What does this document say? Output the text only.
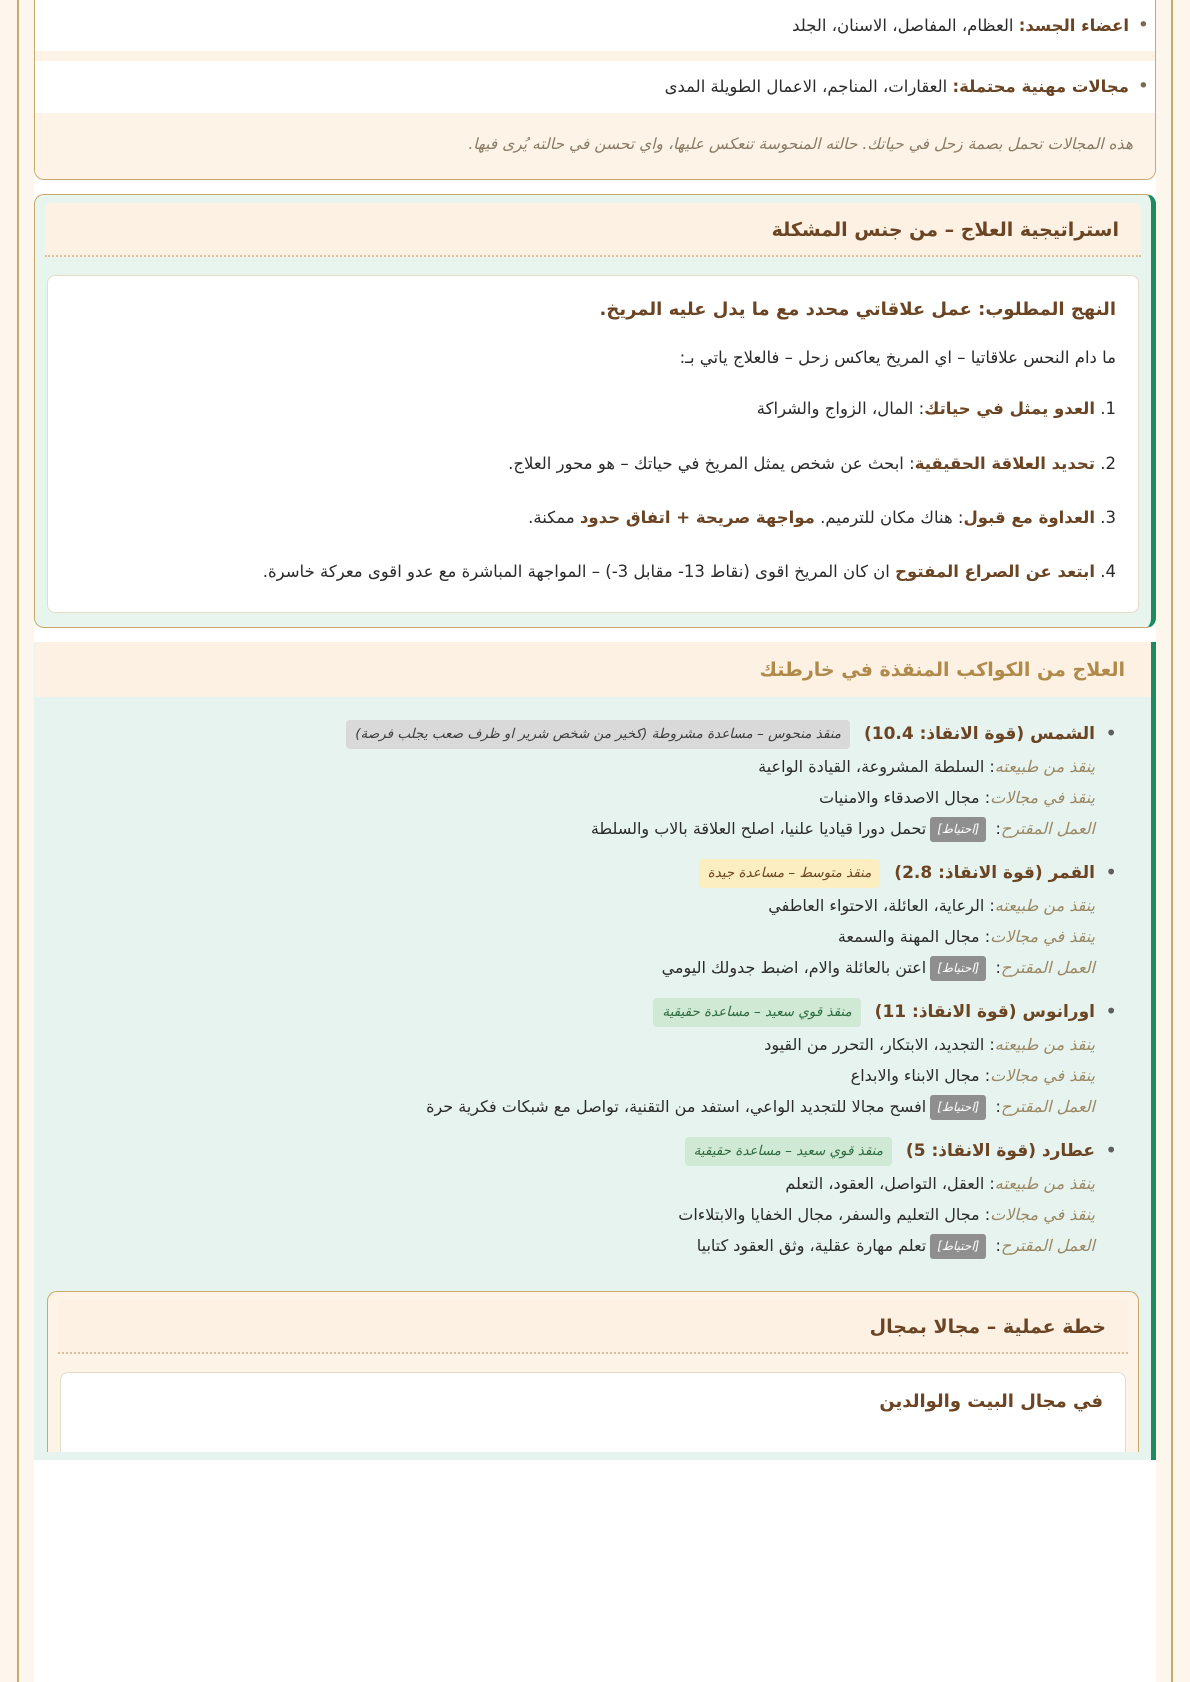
• اعضاء الجسد: العظام، المفاصل، الاسنان، الجلد
• مجالات مهنية محتملة: العقارات، المناجم، الاعمال الطويلة المدى
هذه المجالات تحمل بصمة زحل في حياتك. حالته المنحوسة تنعكس عليها، واي تحسن في حالته يُرى فيها.
استراتيجية العلاج – من جنس المشكلة

النهج المطلوب: عمل علاقاتي محدد مع ما يدل عليه المريخ.

ما دام النحس علاقاتيا – اي المريخ يعاكس زحل – فالعلاج ياتي بـ:

العدو يمثل في حياتك: المال، الزواج والشراكة
تحديد العلاقة الحقيقية: ابحث عن شخص يمثل المريخ في حياتك – هو محور العلاج.
العداوة مع قبول: هناك مكان للترميم. مواجهة صريحة + اتفاق حدود ممكنة.
ابتعد عن الصراع المفتوح ان كان المريخ اقوى (نقاط ‎-13‎ مقابل ‎-3‎) – المواجهة المباشرة مع عدو اقوى معركة خاسرة.
العلاج من الكواكب المنقذة في خارطتك
• الشمس (قوة الانقاذ: 10.4) منقذ منحوس – مساعدة مشروطة (كخير من شخص شرير او ظرف صعب يجلب فرصة)
ينقذ من طبيعته: السلطة المشروعة، القيادة الواعية
ينقذ في مجالات: مجال الاصدقاء والامنيات
العمل المقترح: [احتياط]تحمل دورا قياديا علنيا، اصلح العلاقة بالاب والسلطة
• القمر (قوة الانقاذ: 2.8) منقذ متوسط – مساعدة جيدة
ينقذ من طبيعته: الرعاية، العائلة، الاحتواء العاطفي
ينقذ في مجالات: مجال المهنة والسمعة
العمل المقترح: [احتياط]اعتن بالعائلة والام، اضبط جدولك اليومي
• اورانوس (قوة الانقاذ: 11) منقذ قوي سعيد – مساعدة حقيقية
ينقذ من طبيعته: التجديد، الابتكار، التحرر من القيود
ينقذ في مجالات: مجال الابناء والابداع
العمل المقترح: [احتياط]افسح مجالا للتجديد الواعي، استفد من التقنية، تواصل مع شبكات فكرية حرة
• عطارد (قوة الانقاذ: 5) منقذ قوي سعيد – مساعدة حقيقية
ينقذ من طبيعته: العقل، التواصل، العقود، التعلم
ينقذ في مجالات: مجال التعليم والسفر، مجال الخفايا والابتلاءات
العمل المقترح: [احتياط]تعلم مهارة عقلية، وثق العقود كتابيا
خطة عملية – مجالا بمجال
في مجال البيت والوالدين
